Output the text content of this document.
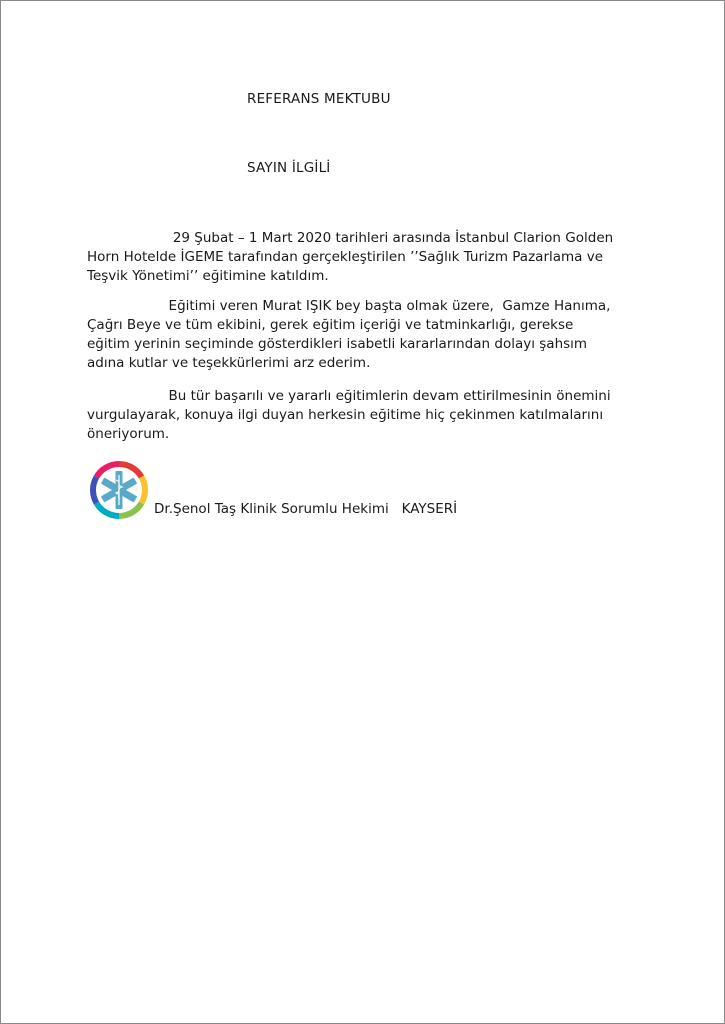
REFERANS MEKTUBU
SAYIN İLGİLİ
29 Şubat – 1 Mart 2020 tarihleri arasında İstanbul Clarion Golden
Horn Hotelde İGEME tarafından gerçekleştirilen ’’Sağlık Turizm Pazarlama ve
Teşvik Yönetimi’’ eğitimine katıldım.
Eğitimi veren Murat IŞIK bey başta olmak üzere,  Gamze Hanıma,
Çağrı Beye ve tüm ekibini, gerek eğitim içeriği ve tatminkarlığı, gerekse
eğitim yerinin seçiminde gösterdikleri isabetli kararlarından dolayı şahsım
adına kutlar ve teşekkürlerimi arz ederim.
Bu tür başarılı ve yararlı eğitimlerin devam ettirilmesinin önemini
vurgulayarak, konuya ilgi duyan herkesin eğitime hiç çekinmen katılmalarını
öneriyorum.
Dr.Şenol Taş Klinik Sorumlu Hekimi   KAYSERİ
